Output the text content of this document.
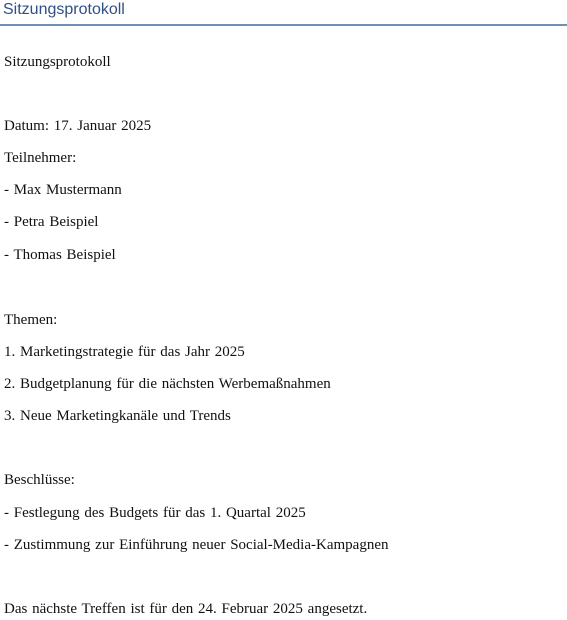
Sitzungsprotokoll
Sitzungsprotokoll
Datum: 17. Januar 2025
Teilnehmer:
- Max Mustermann
- Petra Beispiel
- Thomas Beispiel
Themen:
1. Marketingstrategie für das Jahr 2025
2. Budgetplanung für die nächsten Werbemaßnahmen
3. Neue Marketingkanäle und Trends
Beschlüsse:
- Festlegung des Budgets für das 1. Quartal 2025
- Zustimmung zur Einführung neuer Social-Media-Kampagnen
Das nächste Treffen ist für den 24. Februar 2025 angesetzt.
